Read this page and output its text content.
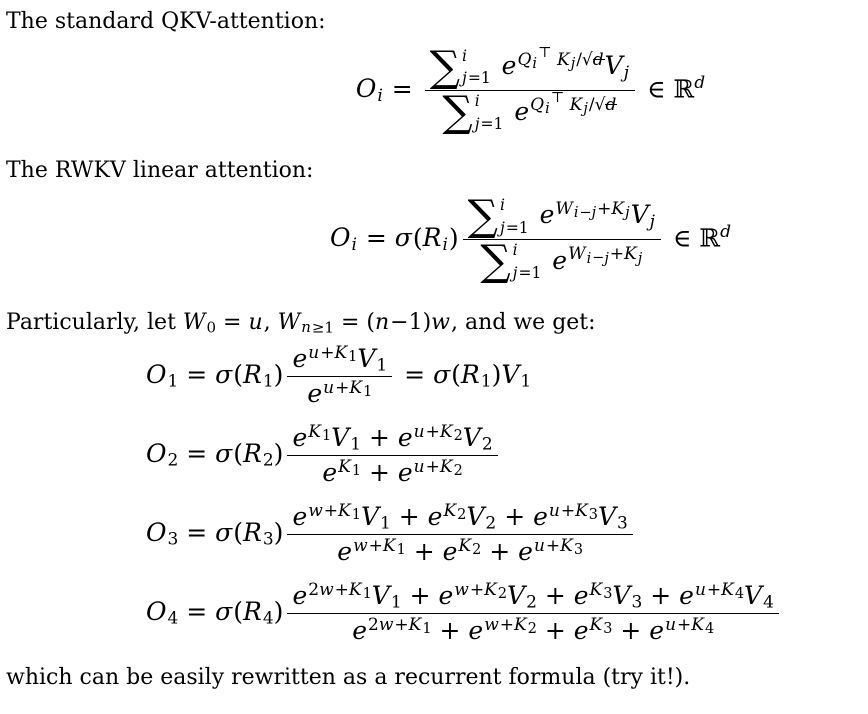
The standard QKV-attention:

$O_i$ = ∑ i
j=1 $e^{Q_i^⊤ K_j/√d}V_j$
∑ i
j=1 $e^{Q_i^⊤ K_j/√d}$ ∈ ℝ$^d$

The RWKV linear attention:

$O_i = \sigma(R_i)$ ∑ i
j=1 $e^{W_{i-j}+K_j}V_j$
∑ i
j=1 $e^{W_{i-j}+K_j}$ ∈ ℝ$^d$

Particularly, let $W_0 = u$, $W_{n\ge 1} = (n-1)w$, and we get:

$O_1 = \sigma(R_1) \frac{e^{u+K_1}V_1}{e^{u+K_1}} = \sigma(R_1)V_1$
$O_2 = \sigma(R_2) \frac{e^{K_1}V_1 + e^{u+K_2}V_2}{e^{K_1} + e^{u+K_2}}$
$O_3 = \sigma(R_3) \frac{e^{w+K_1}V_1 + e^{K_2}V_2 + e^{u+K_3}V_3}{e^{w+K_1} + e^{K_2} + e^{u+K_3}}$
$O_4 = \sigma(R_4) \frac{e^{2w+K_1}V_1 + e^{w+K_2}V_2 + e^{K_3}V_3 + e^{u+K_4}V_4}{e^{2w+K_1} + e^{w+K_2} + e^{K_3} + e^{u+K_4}}$

which can be easily rewritten as a recurrent formula (try it!).
